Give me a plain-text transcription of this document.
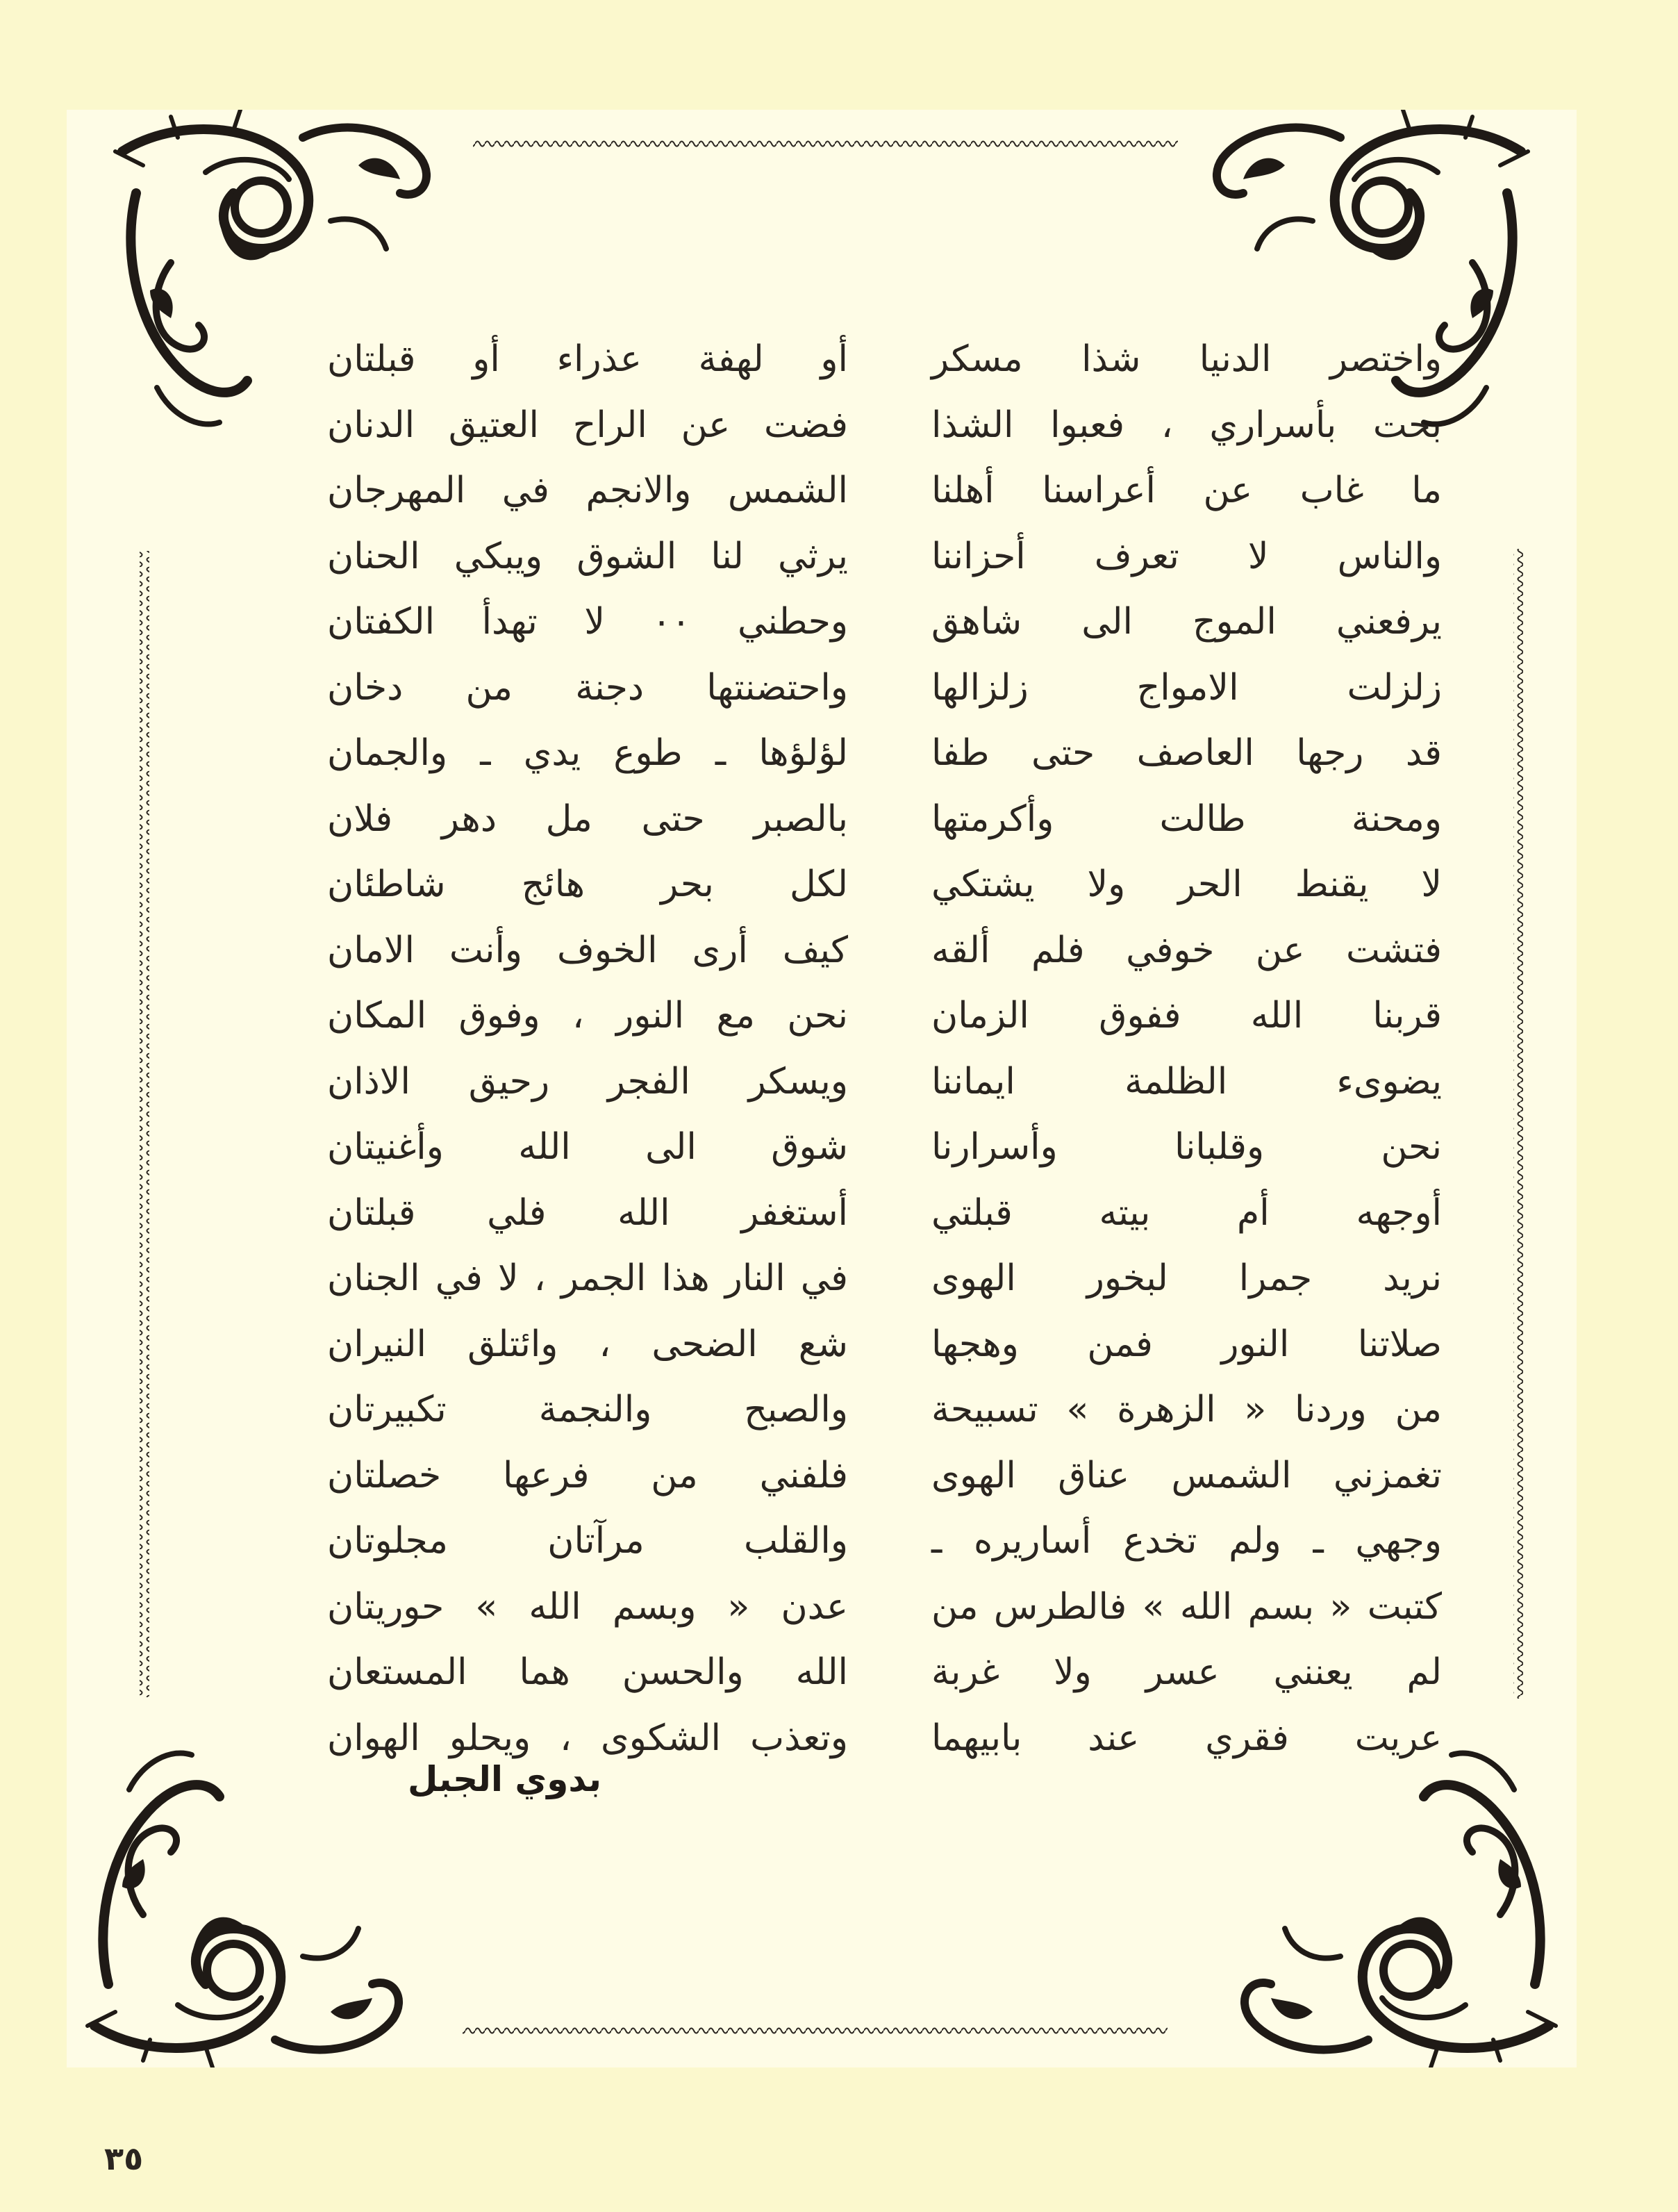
واختصر الدنيا شذا مسكر
بحت بأسراري ، فعبوا الشذا
ما غاب عن أعراسنا أهلنا
والناس لا تعرف أحزاننا
يرفعني الموج الى شاهق
زلزلت الامواج زلزالها
قد رجها العاصف حتى طفا
ومحنة طالت وأكرمتها
لا يقنط الحر ولا يشتكي
فتشت عن خوفي فلم ألقه
قربنا الله ففوق الزمان
يضوىء الظلمة ايماننا
نحن وقلبانا وأسرارنا
أوجهه أم بيته قبلتي
نريد جمرا لبخور الهوى
صلاتنا النور فمن وهجها
من وردنا « الزهرة » تسبيحة
تغمزني الشمس عناق الهوى
وجهي ـ ولم تخدع أساريره ـ
كتبت « بسم الله » فالطرس من
لم يعنني عسر ولا غربة
عريت فقري عند بابيهما
أو لهفة عذراء أو قبلتان
فضت عن الراح العتيق الدنان
الشمس والانجم في المهرجان
يرثي لنا الشوق ويبكي الحنان
وحطني ٠٠ لا تهدأ الكفتان
واحتضنتها دجنة من دخان
لؤلؤها ـ طوع يدي ـ والجمان
بالصبر حتى مل دهر فلان
لكل بحر هائج شاطئان
كيف أرى الخوف وأنت الامان
نحن مع النور ، وفوق المكان
ويسكر الفجر رحيق الاذان
شوق الى الله وأغنيتان
أستغفر الله فلي قبلتان
في النار هذا الجمر ، لا في الجنان
شع الضحى ، وائتلق النيران
والصبح والنجمة تكبيرتان
فلفني من فرعها خصلتان
والقلب مرآتان مجلوتان
عدن « وبسم الله » حوريتان
الله والحسن هما المستعان
وتعذب الشكوى ، ويحلو الهوان
بدوي الجبل
٣٥
